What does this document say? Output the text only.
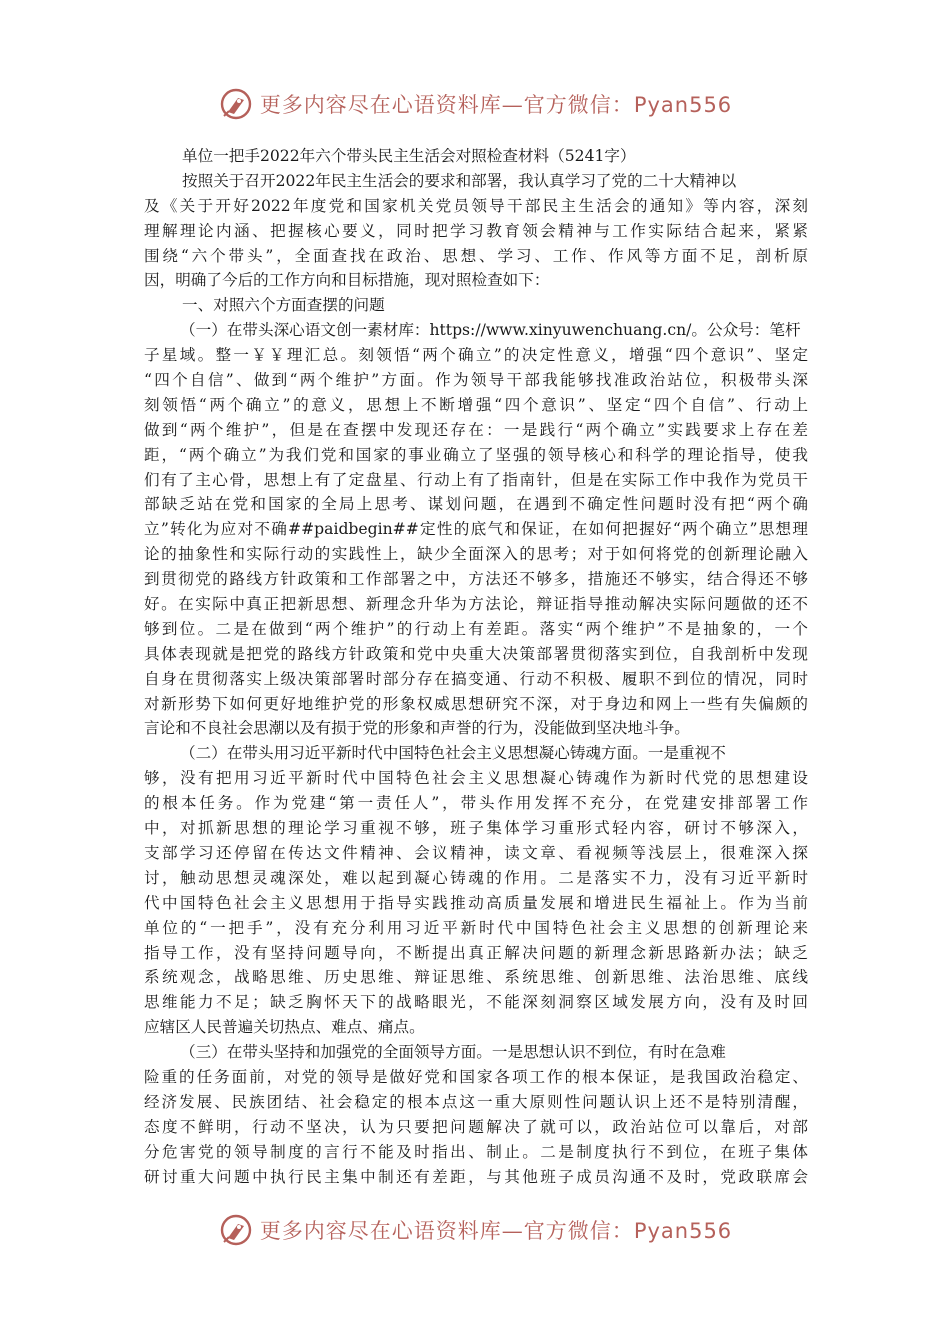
更多内容尽在心语资料库—官方微信：Pyan556
单位一把手2022年六个带头民主生活会对照检查材料（5241字）
按照关于召开2022年民主生活会的要求和部署，我认真学习了党的二十大精神以
及《关于开好2022年度党和国家机关党员领导干部民主生活会的通知》等内容，深刻
理解理论内涵、把握核心要义，同时把学习教育领会精神与工作实际结合起来，紧紧
围绕“六个带头”，全面查找在政治、思想、学习、工作、作风等方面不足，剖析原
因，明确了今后的工作方向和目标措施，现对照检查如下：
一、对照六个方面查摆的问题
（一）在带头深心语文创一素材库：https://www.xinyuwenchuang.cn/。公众号：笔杆
子星域。整一￥￥理汇总。刻领悟“两个确立”的决定性意义，增强“四个意识”、坚定
“四个自信”、做到“两个维护”方面。作为领导干部我能够找准政治站位，积极带头深
刻领悟“两个确立”的意义，思想上不断增强“四个意识”、坚定“四个自信”、行动上
做到“两个维护”，但是在查摆中发现还存在：一是践行“两个确立”实践要求上存在差
距，“两个确立”为我们党和国家的事业确立了坚强的领导核心和科学的理论指导，使我
们有了主心骨，思想上有了定盘星、行动上有了指南针，但是在实际工作中我作为党员干
部缺乏站在党和国家的全局上思考、谋划问题，在遇到不确定性问题时没有把“两个确
立”转化为应对不确##paidbegin##定性的底气和保证，在如何把握好“两个确立”思想理
论的抽象性和实际行动的实践性上，缺少全面深入的思考；对于如何将党的创新理论融入
到贯彻党的路线方针政策和工作部署之中，方法还不够多，措施还不够实，结合得还不够
好。在实际中真正把新思想、新理念升华为方法论，辩证指导推动解决实际问题做的还不
够到位。二是在做到“两个维护”的行动上有差距。落实“两个维护”不是抽象的，一个
具体表现就是把党的路线方针政策和党中央重大决策部署贯彻落实到位，自我剖析中发现
自身在贯彻落实上级决策部署时部分存在搞变通、行动不积极、履职不到位的情况，同时
对新形势下如何更好地维护党的形象权威思想研究不深，对于身边和网上一些有失偏颇的
言论和不良社会思潮以及有损于党的形象和声誉的行为，没能做到坚决地斗争。
（二）在带头用习近平新时代中国特色社会主义思想凝心铸魂方面。一是重视不
够，没有把用习近平新时代中国特色社会主义思想凝心铸魂作为新时代党的思想建设
的根本任务。作为党建“第一责任人”，带头作用发挥不充分，在党建安排部署工作
中，对抓新思想的理论学习重视不够，班子集体学习重形式轻内容，研讨不够深入，
支部学习还停留在传达文件精神、会议精神，读文章、看视频等浅层上，很难深入探
讨，触动思想灵魂深处，难以起到凝心铸魂的作用。二是落实不力，没有习近平新时
代中国特色社会主义思想用于指导实践推动高质量发展和增进民生福祉上。作为当前
单位的“一把手”，没有充分利用习近平新时代中国特色社会主义思想的创新理论来
指导工作，没有坚持问题导向，不断提出真正解决问题的新理念新思路新办法；缺乏
系统观念，战略思维、历史思维、辩证思维、系统思维、创新思维、法治思维、底线
思维能力不足；缺乏胸怀天下的战略眼光，不能深刻洞察区域发展方向，没有及时回
应辖区人民普遍关切热点、难点、痛点。
（三）在带头坚持和加强党的全面领导方面。一是思想认识不到位，有时在急难
险重的任务面前，对党的领导是做好党和国家各项工作的根本保证，是我国政治稳定、
经济发展、民族团结、社会稳定的根本点这一重大原则性问题认识上还不是特别清醒，
态度不鲜明，行动不坚决，认为只要把问题解决了就可以，政治站位可以靠后，对部
分危害党的领导制度的言行不能及时指出、制止。二是制度执行不到位，在班子集体
研讨重大问题中执行民主集中制还有差距，与其他班子成员沟通不及时，党政联席会
更多内容尽在心语资料库—官方微信：Pyan556
